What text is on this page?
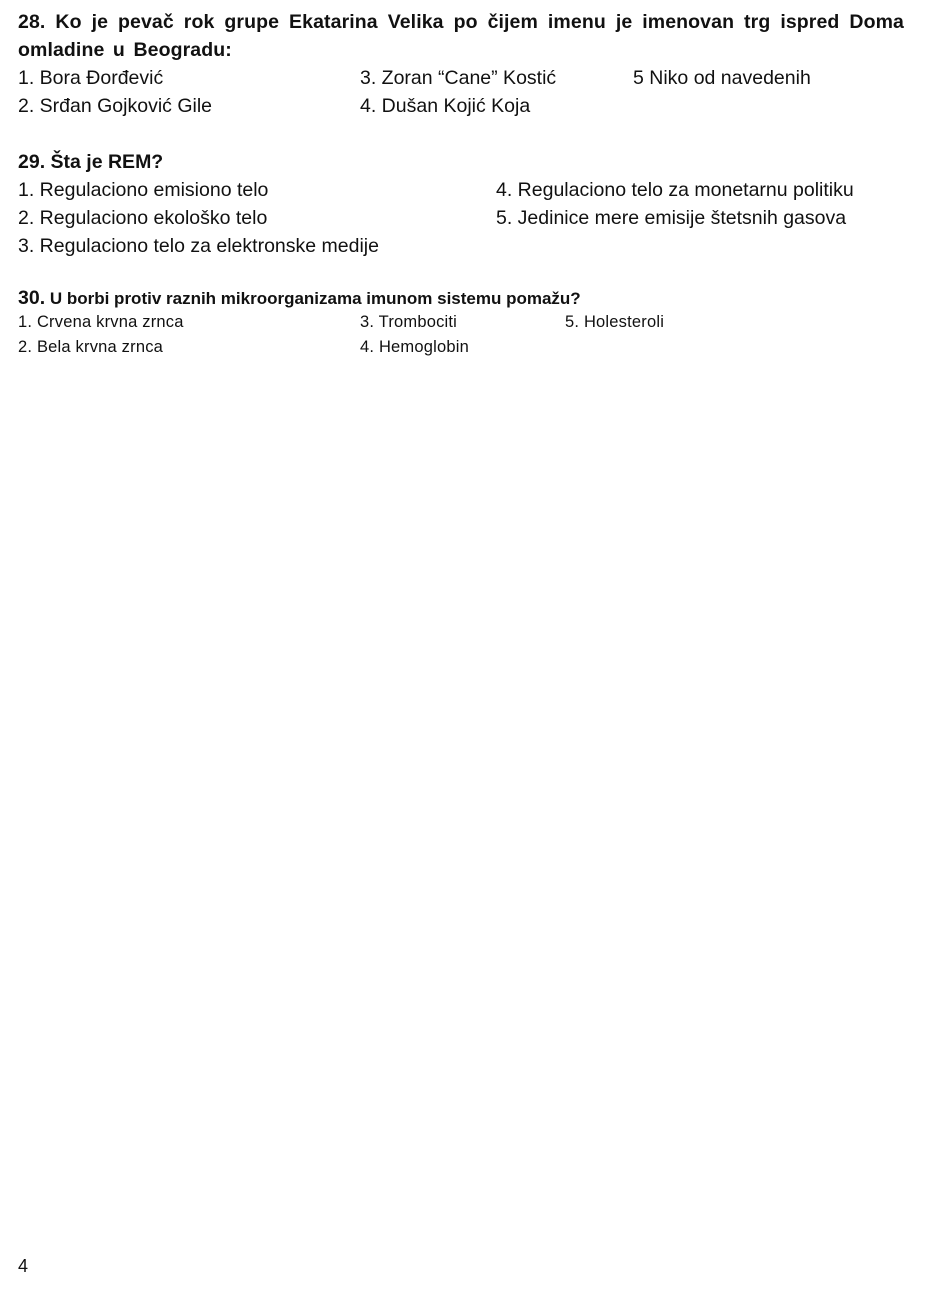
28. Ko je pevač rok grupe Ekatarina Velika po čijem imenu je imenovan trg ispred Doma omladine u Beogradu:

1. Bora Đorđević
2. Srđan Gojković Gile
3. Zoran “Cane” Kostić
4. Dušan Kojić Koja
5 Niko od navedenih

29. Šta je REM?

1. Regulaciono emisiono telo
2. Regulaciono ekološko telo
3. Regulaciono telo za elektronske medije
4. Regulaciono telo za monetarnu politiku
5. Jedinice mere emisije štetsnih gasova

30. U borbi protiv raznih mikroorganizama imunom sistemu pomažu?

1. Crvena krvna zrnca
2. Bela krvna zrnca
3. Trombociti
4. Hemoglobin
5. Holesteroli
4
